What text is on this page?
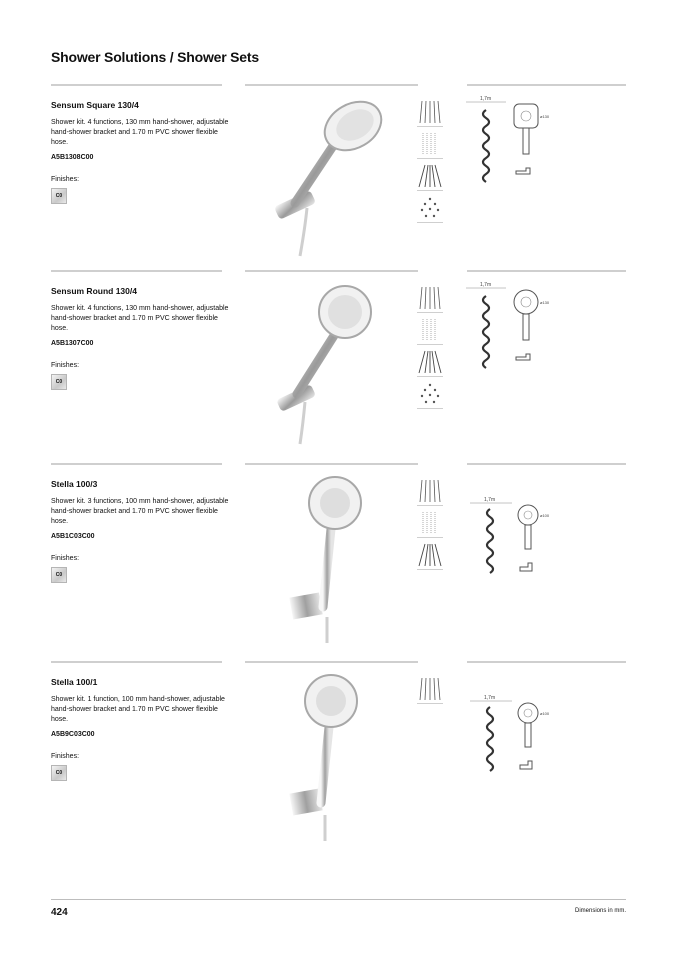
Shower Solutions / Shower Sets
Sensum Square 130/4
Shower kit. 4 functions, 130 mm hand-shower, adjustable hand-shower bracket and 1.70 m PVC shower flexible hose.
A5B1308C00
Finishes:
C0
1,7m
ø130
Sensum Round 130/4
Shower kit. 4 functions, 130 mm hand-shower, adjustable hand-shower bracket and 1.70 m PVC shower flexible hose.
A5B1307C00
Finishes:
C0
1,7m
ø130
Stella 100/3
Shower kit. 3 functions, 100 mm hand-shower, adjustable hand-shower bracket and 1.70 m PVC shower flexible hose.
A5B1C03C00
Finishes:
C0
1,7m
ø100
Stella 100/1
Shower kit. 1 function, 100 mm hand-shower, adjustable hand-shower bracket and 1.70 m PVC shower flexible hose.
A5B9C03C00
Finishes:
C0
1,7m
ø100
424	Dimensions in mm.
